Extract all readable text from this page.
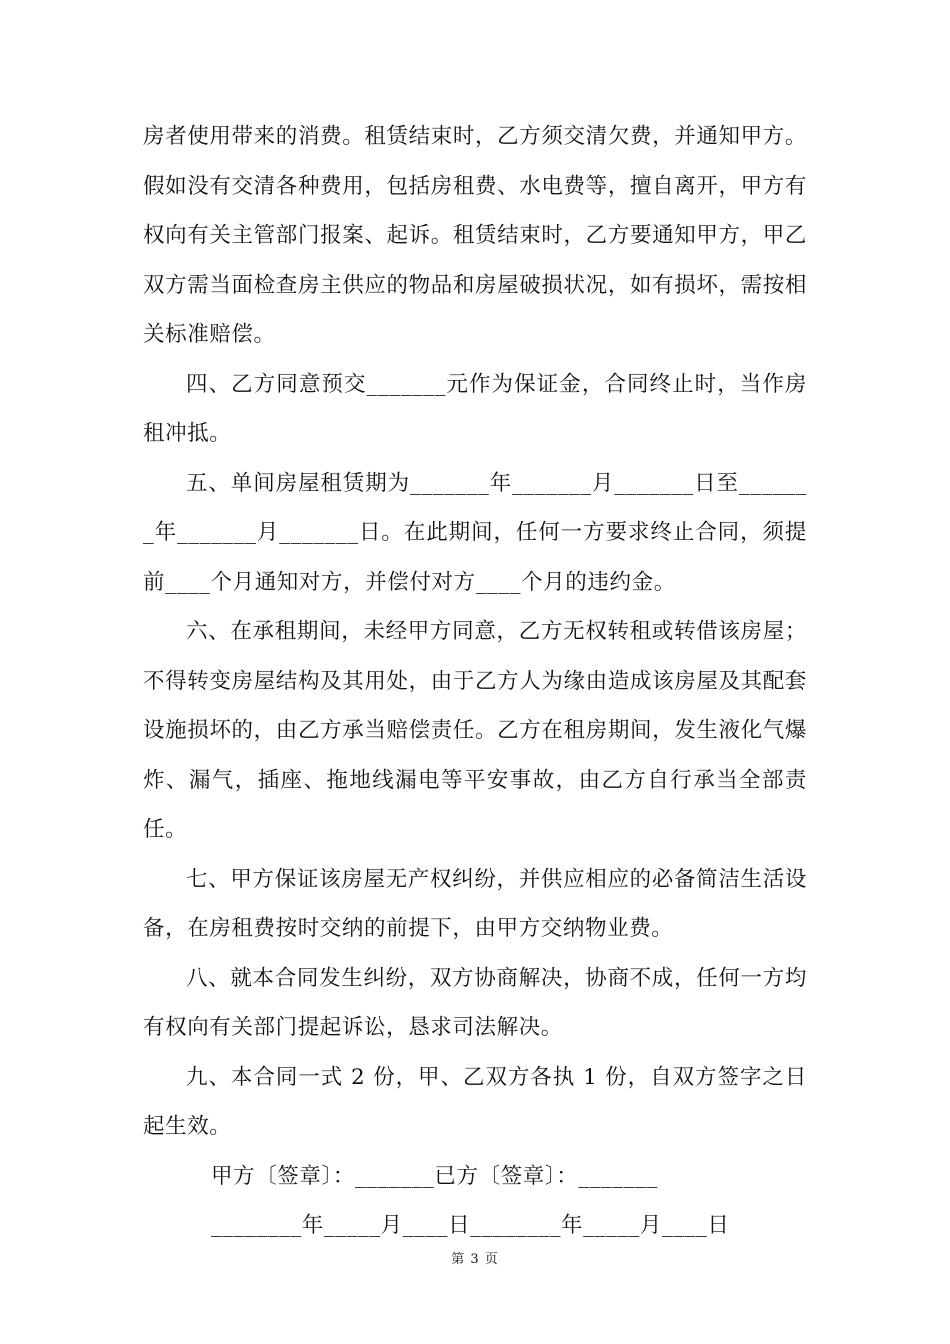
房者使用带来的消费。租赁结束时，乙方须交清欠费，并通知甲方。假如没有交清各种费用，包括房租费、水电费等，擅自离开，甲方有权向有关主管部门报案、起诉。租赁结束时，乙方要通知甲方，甲乙双方需当面检查房主供应的物品和房屋破损状况，如有损坏，需按相关标准赔偿。

四、乙方同意预交_______元作为保证金，合同终止时，当作房租冲抵。

五、单间房屋租赁期为_______年_______月_______日至_______年_______月_______日。在此期间，任何一方要求终止合同，须提前____个月通知对方，并偿付对方____个月的违约金。

六、在承租期间，未经甲方同意，乙方无权转租或转借该房屋；不得转变房屋结构及其用处，由于乙方人为缘由造成该房屋及其配套设施损坏的，由乙方承当赔偿责任。乙方在租房期间，发生液化气爆炸、漏气，插座、拖地线漏电等平安事故，由乙方自行承当全部责任。

七、甲方保证该房屋无产权纠纷，并供应相应的必备简洁生活设备，在房租费按时交纳的前提下，由甲方交纳物业费。

八、就本合同发生纠纷，双方协商解决，协商不成，任何一方均有权向有关部门提起诉讼，恳求司法解决。

九、本合同一式 2 份，甲、乙双方各执 1 份，自双方签字之日起生效。

甲方〔签章〕：_______已方〔签章〕：_______

________年_____月____日________年_____月____日

第 3 页
